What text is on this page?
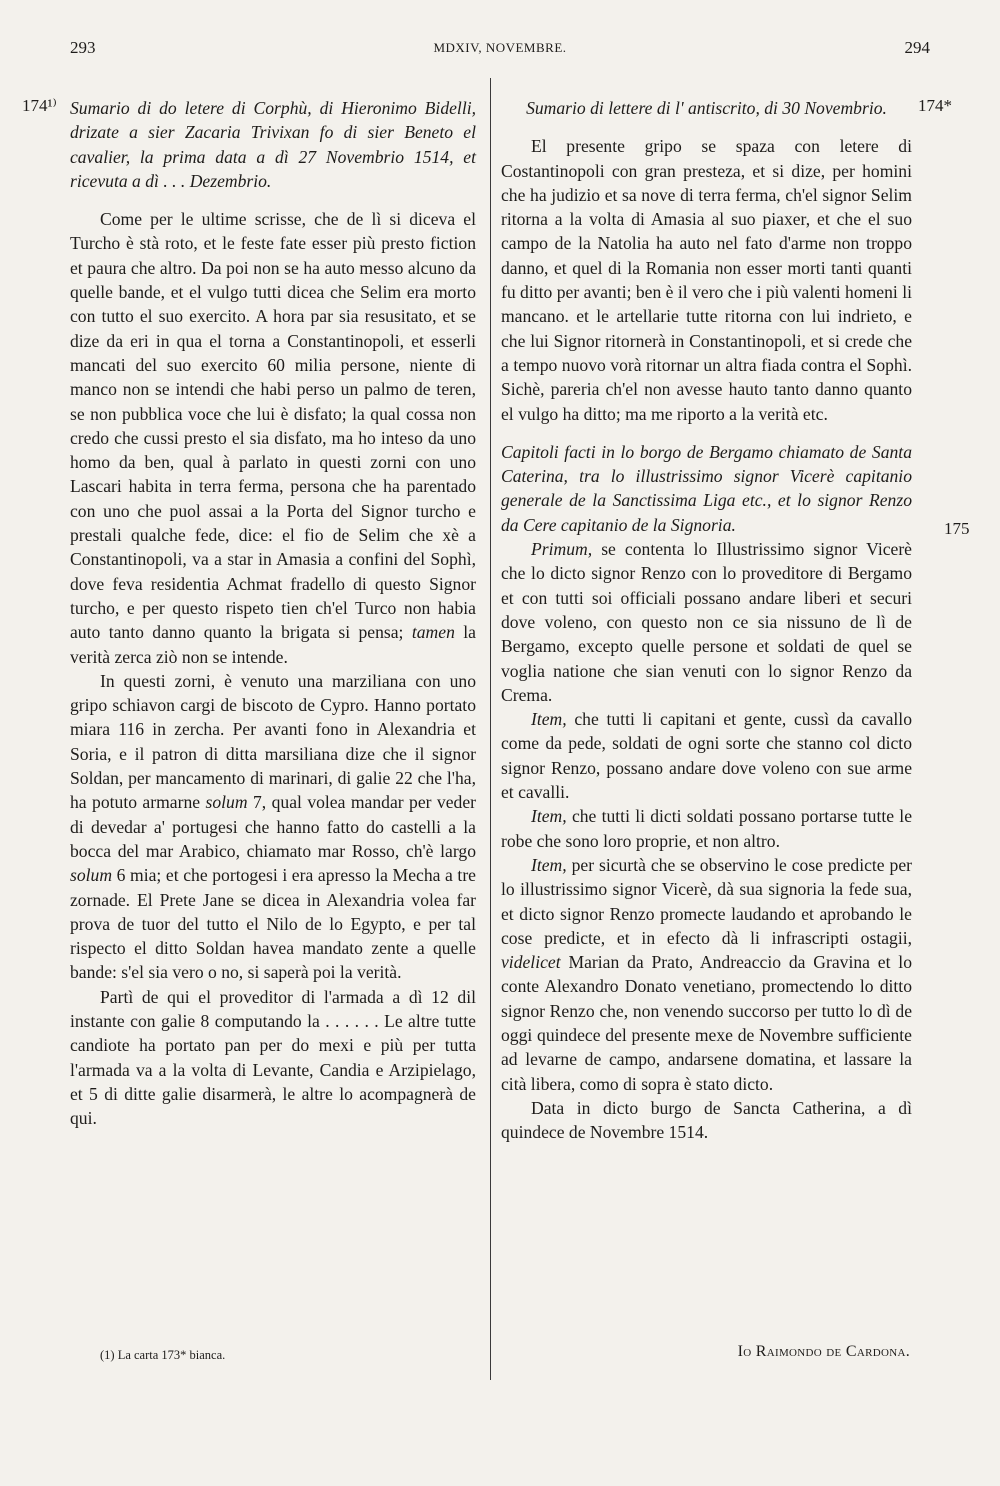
293	MDXIV, NOVEMBRE.	294
174¹⁾	174*
175

Sumario di do letere di Corphù, di Hieronimo Bidelli, drizate a sier Zacaria Trivixan fo di sier Beneto el cavalier, la prima data a dì 27 Novembrio 1514, et ricevuta a dì . . . Dezembrio.

Come per le ultime scrisse, che de lì si diceva el Turcho è stà roto, et le feste fate esser più presto fiction et paura che altro. Da poi non se ha auto messo alcuno da quelle bande, et el vulgo tutti dicea che Selim era morto con tutto el suo exercito. A hora par sia resusitato, et se dize da eri in qua el torna a Constantinopoli, et esserli mancati del suo exercito 60 milia persone, niente di manco non se intendi che habi perso un palmo de teren, se non pubblica voce che lui è disfato; la qual cossa non credo che cussi presto el sia disfato, ma ho inteso da uno homo da ben, qual à parlato in questi zorni con uno Lascari habita in terra ferma, persona che ha parentado con uno che puol assai a la Porta del Signor turcho e prestali qualche fede, dice: el fio de Selim che xè a Constantinopoli, va a star in Amasia a confini del Sophì, dove feva residentia Achmat fradello di questo Signor turcho, e per questo rispeto tien ch'el Turco non habia auto tanto danno quanto la brigata si pensa; tamen la verità zerca ziò non se intende.

In questi zorni, è venuto una marziliana con uno gripo schiavon cargi de biscoto de Cypro. Hanno portato miara 116 in zercha. Per avanti fono in Alexandria et Soria, e il patron di ditta marsiliana dize che il signor Soldan, per mancamento di marinari, di galie 22 che l'ha, ha potuto armarne solum 7, qual volea mandar per veder di devedar a' portugesi che hanno fatto do castelli a la bocca del mar Arabico, chiamato mar Rosso, ch'è largo solum 6 mia; et che portogesi i era apresso la Mecha a tre zornade. El Prete Jane se dicea in Alexandria volea far prova de tuor del tutto el Nilo de lo Egypto, e per tal rispecto el ditto Soldan havea mandato zente a quelle bande: s'el sia vero o no, si saperà poi la verità.

Partì de qui el proveditor di l'armada a dì 12 dil instante con galie 8 computando la . . . . . . Le altre tutte candiote ha portato pan per do mexi e più per tutta l'armada va a la volta di Levante, Candia e Arzipielago, et 5 di ditte galie disarmerà, le altre lo acompagnerà de qui.

Sumario di lettere di l' antiscrito, di 30 Novembrio.

El presente gripo se spaza con letere di Costantinopoli con gran presteza, et si dize, per homini che ha judizio et sa nove di terra ferma, ch'el signor Selim ritorna a la volta di Amasia al suo piaxer, et che el suo campo de la Natolia ha auto nel fato d'arme non troppo danno, et quel di la Romania non esser morti tanti quanti fu ditto per avanti; ben è il vero che i più valenti homeni li mancano. et le artellarie tutte ritorna con lui indrieto, e che lui Signor ritornerà in Constantinopoli, et si crede che a tempo nuovo vorà ritornar un altra fiada contra el Sophì. Sichè, pareria ch'el non avesse hauto tanto danno quanto el vulgo ha ditto; ma me riporto a la verità etc.

Capitoli facti in lo borgo de Bergamo chiamato de Santa Caterina, tra lo illustrissimo signor Vicerè capitanio generale de la Sanctissima Liga etc., et lo signor Renzo da Cere capitanio de la Signoria.

Primum, se contenta lo Illustrissimo signor Vicerè che lo dicto signor Renzo con lo proveditore di Bergamo et con tutti soi officiali possano andare liberi et securi dove voleno, con questo non ce sia nissuno de lì de Bergamo, excepto quelle persone et soldati de quel se voglia natione che sian venuti con lo signor Renzo da Crema.

Item, che tutti li capitani et gente, cussì da cavallo come da pede, soldati de ogni sorte che stanno col dicto signor Renzo, possano andare dove voleno con sue arme et cavalli.

Item, che tutti li dicti soldati possano portarse tutte le robe che sono loro proprie, et non altro.

Item, per sicurtà che se observino le cose predicte per lo illustrissimo signor Vicerè, dà sua signoria la fede sua, et dicto signor Renzo promecte laudando et aprobando le cose predicte, et in efecto dà li infrascripti ostagii, videlicet Marian da Prato, Andreaccio da Gravina et lo conte Alexandro Donato venetiano, promectendo lo ditto signor Renzo che, non venendo succorso per tutto lo dì de oggi quindece del presente mexe de Novembre sufficiente ad levarne de campo, andarsene domatina, et lassare la cità libera, como di sopra è stato dicto.

Data in dicto burgo de Sancta Catherina, a dì quindece de Novembre 1514.

(1) La carta 173* bianca.	Io Raimondo de Cardona.
